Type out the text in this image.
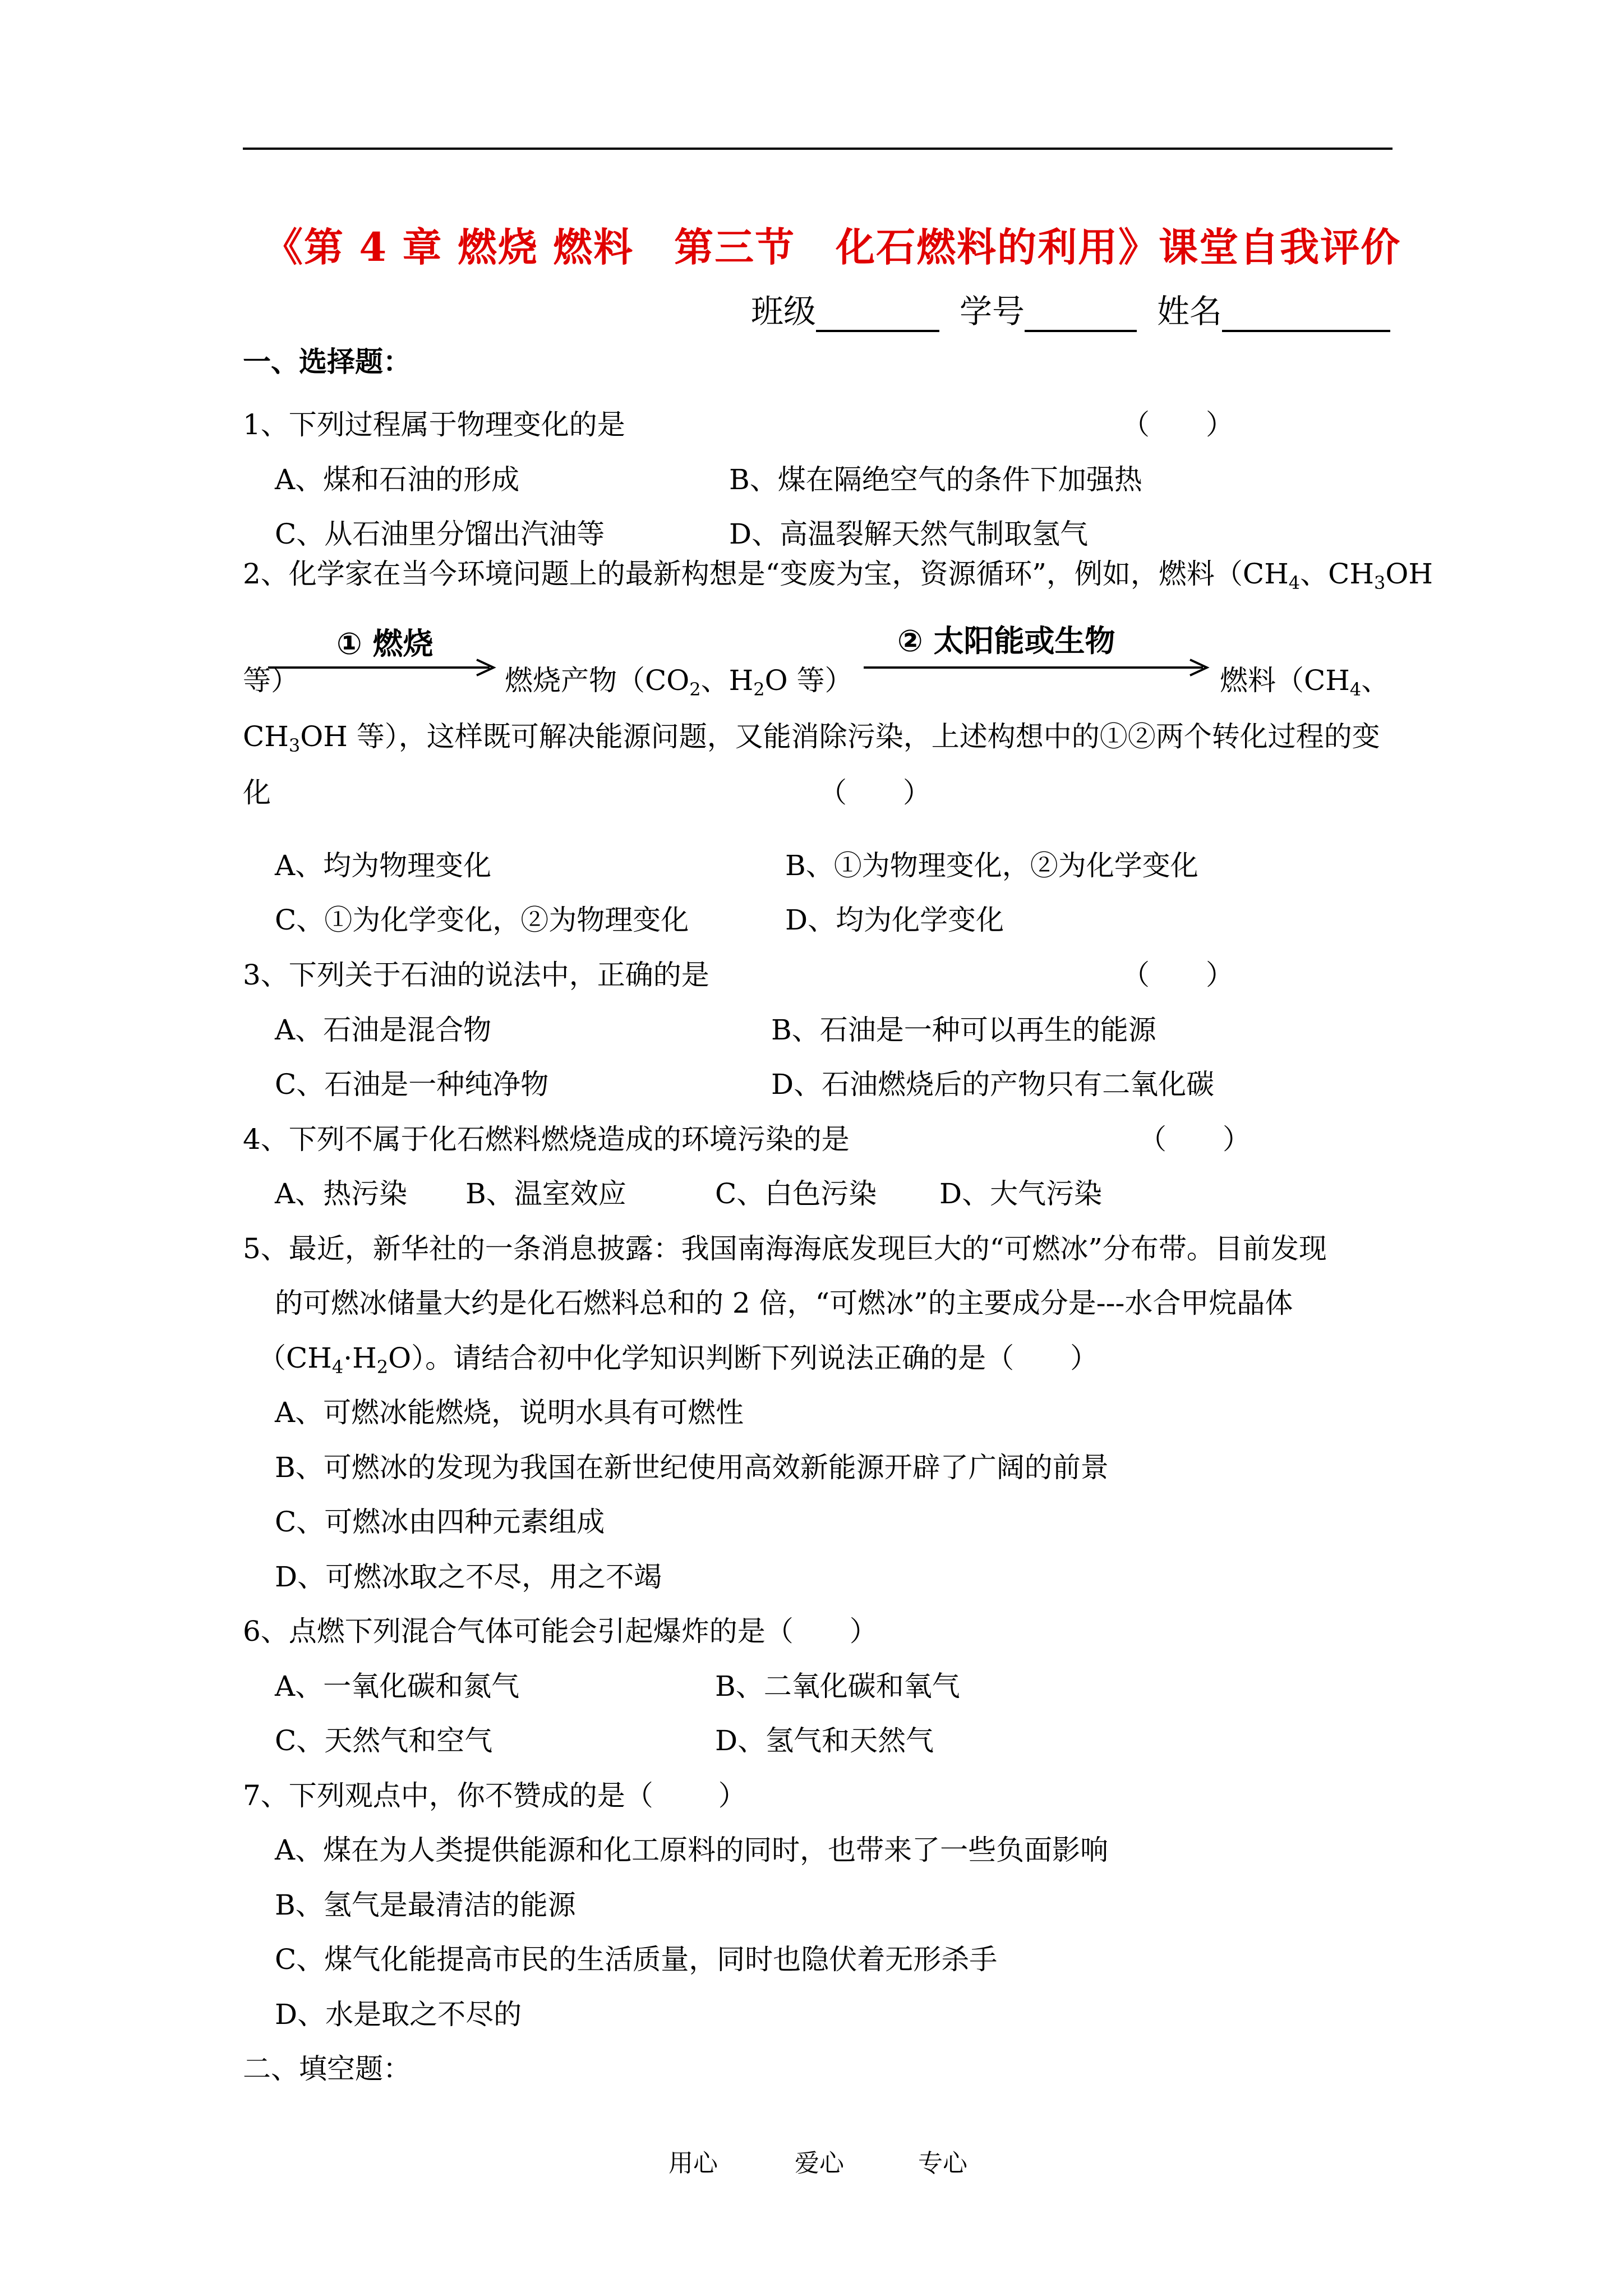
《第 4 章 燃烧 燃料　第三节　化石燃料的利用》课堂自我评价
班级	学号	姓名
一、选择题：
1、下列过程属于物理变化的是	（　　）
A、煤和石油的形成	B、煤在隔绝空气的条件下加强热
C、从石油里分馏出汽油等	D、高温裂解天然气制取氢气
2、化学家在当今环境问题上的最新构想是“变废为宝，资源循环”，例如，燃料（$CH_4$、$CH_3OH$
等）
① 燃烧
燃烧产物（$CO_2$、$H_2O$ 等）
② 太阳能或生物
燃料（$CH_4$、
$CH_3OH$ 等），这样既可解决能源问题，又能消除污染，上述构想中的①②两个转化过程的变
化	（　　）
A、均为物理变化	B、①为物理变化，②为化学变化
C、①为化学变化，②为物理变化	D、均为化学变化
3、下列关于石油的说法中，正确的是	（　　）
A、石油是混合物	B、石油是一种可以再生的能源
C、石油是一种纯净物	D、石油燃烧后的产物只有二氧化碳
4、下列不属于化石燃料燃烧造成的环境污染的是	（　　）
A、热污染 B、温室效应	C、白色污染 D、大气污染
5、最近，新华社的一条消息披露：我国南海海底发现巨大的“可燃冰”分布带。目前发现
的可燃冰储量大约是化石燃料总和的 2 倍，“可燃冰”的主要成分是---水合甲烷晶体
$(CH_4\cdot H_2O)$。请结合初中化学知识判断下列说法正确的是（　　）
A、可燃冰能燃烧，说明水具有可燃性
B、可燃冰的发现为我国在新世纪使用高效新能源开辟了广阔的前景
C、可燃冰由四种元素组成
D、可燃冰取之不尽，用之不竭
6、点燃下列混合气体可能会引起爆炸的是（　　）
A、一氧化碳和氮气	B、二氧化碳和氧气
C、天然气和空气	D、氢气和天然气
7、下列观点中，你不赞成的是（　　 ）
A、煤在为人类提供能源和化工原料的同时，也带来了一些负面影响
B、氢气是最清洁的能源
C、煤气化能提高市民的生活质量，同时也隐伏着无形杀手
D、水是取之不尽的
二、填空题：
用心	爱心	专心
